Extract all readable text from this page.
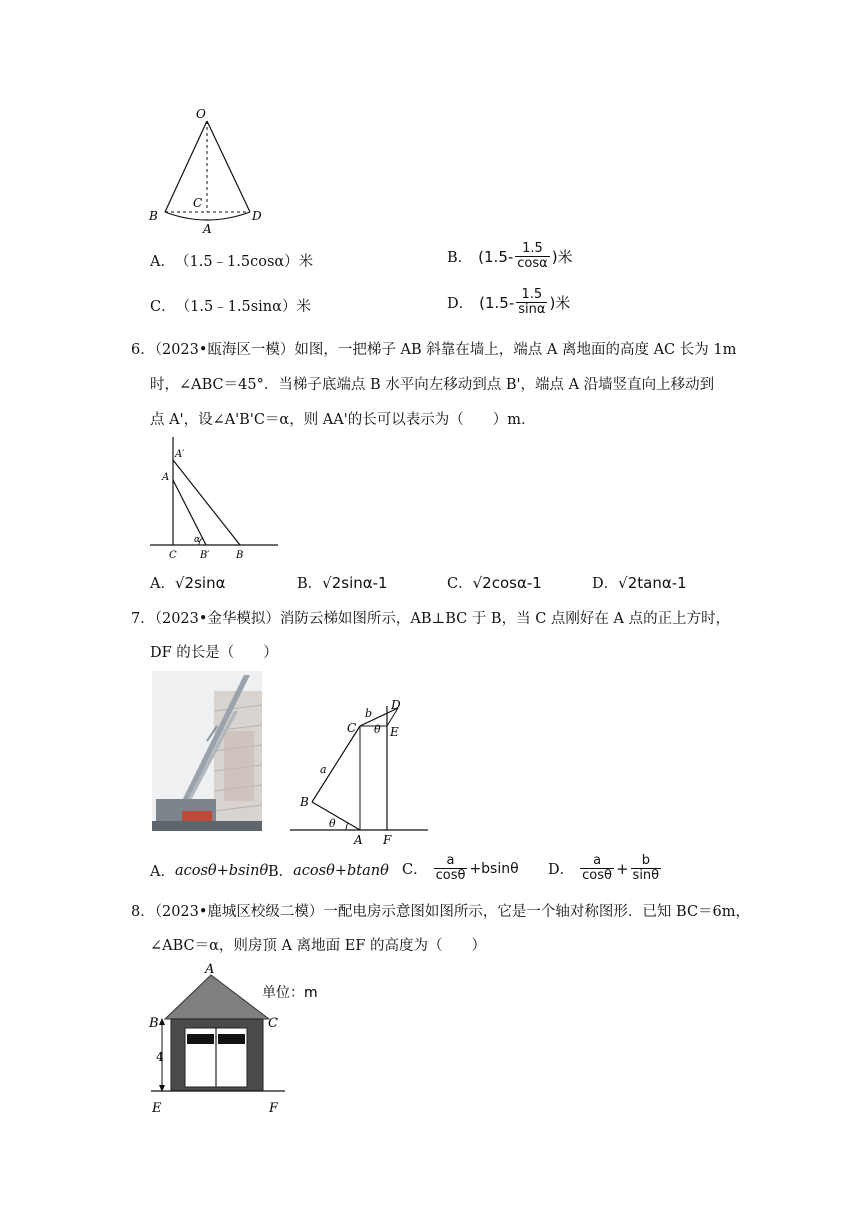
O
C
B
A
D
A． （1.5﹣1.5cosα）米	B． ($1.5- \frac{1.5}{\cos\alpha}$ )米
C． （1.5﹣1.5sinα）米	D． ($1.5- \frac{1.5}{\sin\alpha}$ )米
6．（2023•瓯海区一模）如图，一把梯子 AB 斜靠在墙上，端点 A 离地面的高度 AC 长为 1m
时，∠ABC＝45°．当梯子底端点 B 水平向左移动到点 B'，端点 A 沿墙竖直向上移动到
点 A'，设∠A'B'C＝α，则 AA'的长可以表示为（　　）m．
A′
A
α
C B′	B
A． √2sinα	B． √2sinα-1	C． √2cosα-1	D． √2tanα-1
7．（2023•金华模拟）消防云梯如图所示，AB⊥BC 于 B，当 C 点刚好在 A 点的正上方时，
DF 的长是（　　）
D
b
C θ E
a
B
θ
A F
A． acosθ+bsinθ B． acosθ+btanθ C． $\frac{a}{\cos\theta} +bsin\theta$ D． $\frac{a}{\cos\theta} + \frac{b}{\sin\theta}$
8．（2023•鹿城区校级二模）一配电房示意图如图所示，它是一个轴对称图形．已知 BC＝6m，
∠ABC＝α，则房顶 A 离地面 EF 的高度为（　　）
4
A
B	C
E	F
单位：m
